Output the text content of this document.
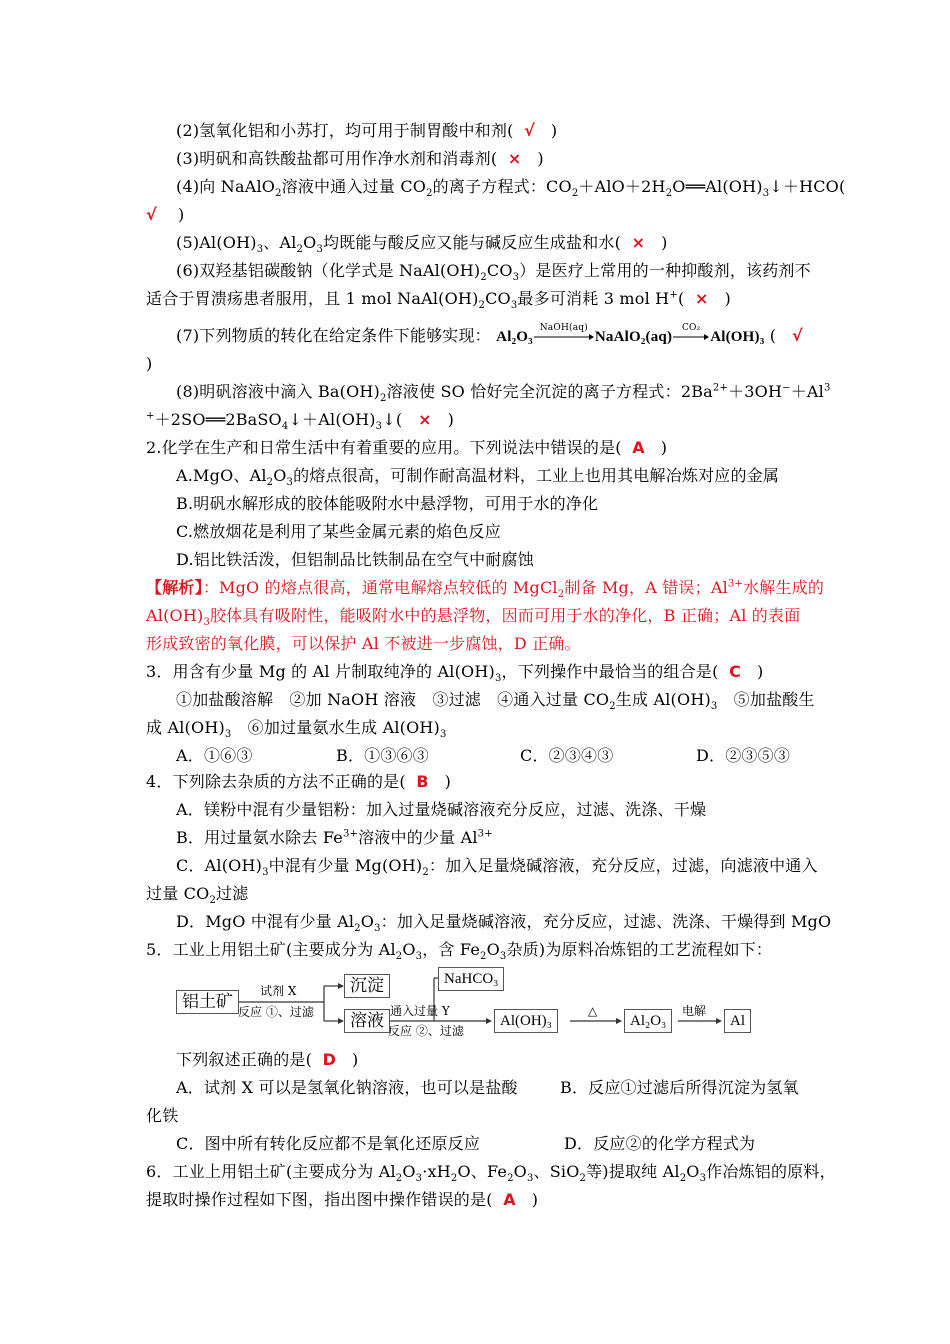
(2)氢氧化铝和小苏打，均可用于制胃酸中和剂( √ )
(3)明矾和高铁酸盐都可用作净水剂和消毒剂( × )
(4)向 NaAlO$_2$溶液中通入过量 $CO_2$的离子方程式：$CO_2+AlO+2H_2O══Al(OH)_3↓+HCO$(
√ )
$(5)Al(OH)_3$、$Al_2O_3$均既能与酸反应又能与碱反应生成盐和水( × )
(6)双羟基铝碳酸钠（化学式是 $NaAl(OH)_2CO_3$）是医疗上常用的一种抑酸剂，该药剂不
适合于胃溃疡患者服用，且 1 mol $NaAl(OH)_2CO_3$最多可消耗 3 mol H+( × )
(7)下列物质的转化在给定条件下能够实现： Al₂O₃
NaOH(aq)
NaAlO₂(aq)
CO₂
Al(OH)₃ ( √
)
(8)明矾溶液中滴入 $Ba(OH)_2$溶液使 SO 恰好完全沉淀的离子方程式：$2Ba^{2+}+3OH^-+Al^3$
$^++2SO══2BaSO_4↓+Al(OH)_3↓$( × )
2.化学在生产和日常生活中有着重要的应用。下列说法中错误的是( A )
A.MgO、$Al_2O_3$的熔点很高，可制作耐高温材料，工业上也用其电解冶炼对应的金属
B.明矾水解形成的胶体能吸附水中悬浮物，可用于水的净化
C.燃放烟花是利用了某些金属元素的焰色反应
D.铝比铁活泼，但铝制品比铁制品在空气中耐腐蚀
【解析】：MgO 的熔点很高，通常电解熔点较低的 MgCl$_2$制备 Mg，A 错误；$Al^{3+}$水解生成的
$Al(OH)_3$胶体具有吸附性，能吸附水中的悬浮物，因而可用于水的净化，B 正确；Al 的表面
形成致密的氧化膜，可以保护 Al 不被进一步腐蚀，D 正确。
3．用含有少量 Mg 的 Al 片制取纯净的 $Al(OH)_3$，下列操作中最恰当的组合是( C )
①加盐酸溶解　②加 NaOH 溶液　③过滤　④通入过量 $CO_2$生成 $Al(OH)_3$　⑤加盐酸生
成 $Al(OH)_3$　⑥加过量氨水生成 $Al(OH)_3$
A．①⑥③	B．①③⑥③	C．②③④③	D．②③⑤③
4．下列除去杂质的方法不正确的是( B )
A．镁粉中混有少量铝粉：加入过量烧碱溶液充分反应，过滤、洗涤、干燥
B．用过量氨水除去 $Fe^{3+}$溶液中的少量 $Al^{3+}$
C．$Al(OH)_3$中混有少量 $Mg(OH)_2$：加入足量烧碱溶液，充分反应，过滤，向滤液中通入
过量 $CO_2$过滤
D．MgO 中混有少量 $Al_2O_3$：加入足量烧碱溶液，充分反应，过滤、洗涤、干燥得到 MgO
5．工业上用铝土矿(主要成分为 $Al_2O_3$，含 $Fe_2O_3$杂质)为原料冶炼铝的工艺流程如下：
铝土矿
试剂 X
反应 ①、过滤
沉淀
溶液
NaHCO₃
通入过量 Y
反应 ②、过滤
Al(OH)₃
△
Al₂O₃
电解
Al
下列叙述正确的是( D )
A．试剂 X 可以是氢氧化钠溶液，也可以是盐酸	B．反应①过滤后所得沉淀为氢氧
化铁
C．图中所有转化反应都不是氧化还原反应	D．反应②的化学方程式为
6．工业上用铝土矿(主要成分为 $Al_2O_3\cdot xH_2O$、$Fe_2O_3$、SiO$_2$等)提取纯 $Al_2O_3$作冶炼铝的原料，
提取时操作过程如下图，指出图中操作错误的是( A )
